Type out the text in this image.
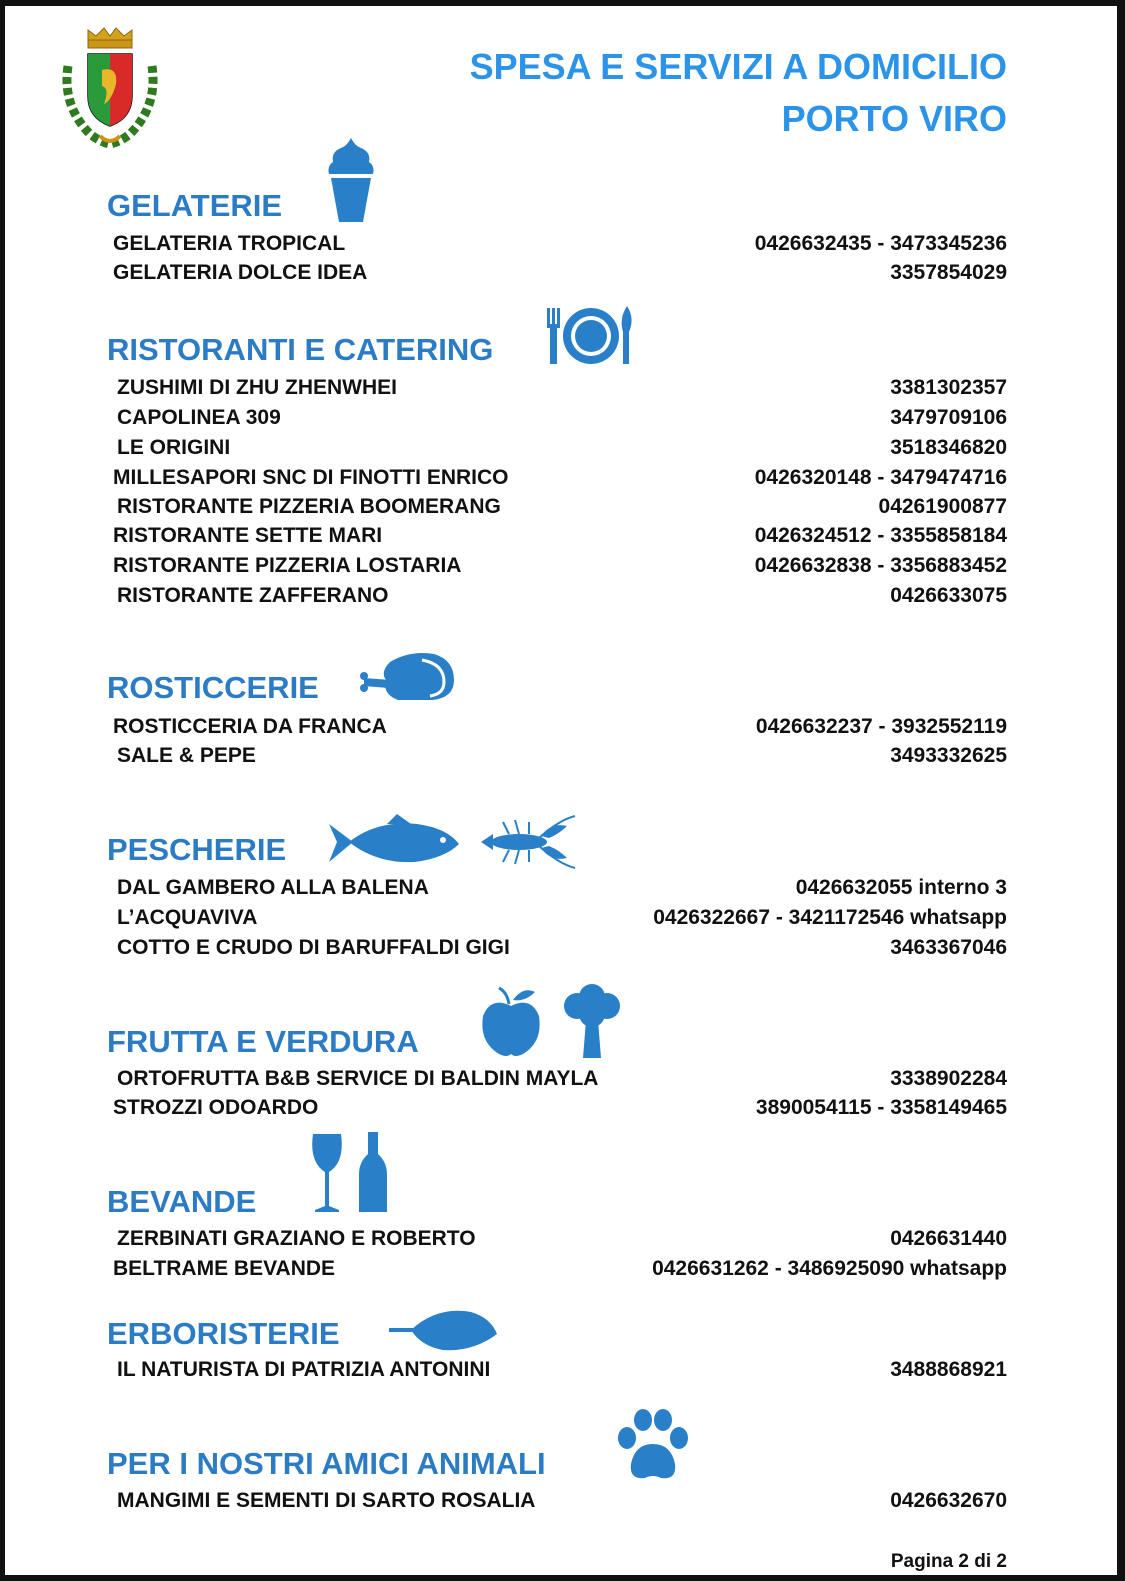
SPESA E SERVIZI A DOMICILIO
PORTO VIRO
GELATERIE
GELATERIA TROPICAL	0426632435 - 3473345236
GELATERIA DOLCE IDEA	3357854029
RISTORANTI E CATERING
ZUSHIMI DI ZHU ZHENWHEI	3381302357
CAPOLINEA 309	3479709106
LE ORIGINI	3518346820
MILLESAPORI SNC DI FINOTTI ENRICO	0426320148 - 3479474716
RISTORANTE PIZZERIA BOOMERANG	04261900877
RISTORANTE SETTE MARI	0426324512 - 3355858184
RISTORANTE PIZZERIA LOSTARIA	0426632838 - 3356883452
RISTORANTE ZAFFERANO	0426633075
ROSTICCERIE
ROSTICCERIA DA FRANCA	0426632237 - 3932552119
SALE & PEPE	3493332625
PESCHERIE
DAL GAMBERO ALLA BALENA	0426632055 interno 3
L’ACQUAVIVA	0426322667 - 3421172546 whatsapp
COTTO E CRUDO DI BARUFFALDI GIGI	3463367046
FRUTTA E VERDURA
ORTOFRUTTA B&B SERVICE DI BALDIN MAYLA	3338902284
STROZZI ODOARDO	3890054115 - 3358149465
BEVANDE
ZERBINATI GRAZIANO E ROBERTO	0426631440
BELTRAME BEVANDE	0426631262 - 3486925090 whatsapp
ERBORISTERIE
IL NATURISTA DI PATRIZIA ANTONINI	3488868921
PER I NOSTRI AMICI ANIMALI
MANGIMI E SEMENTI DI SARTO ROSALIA	0426632670
Pagina 2 di 2
